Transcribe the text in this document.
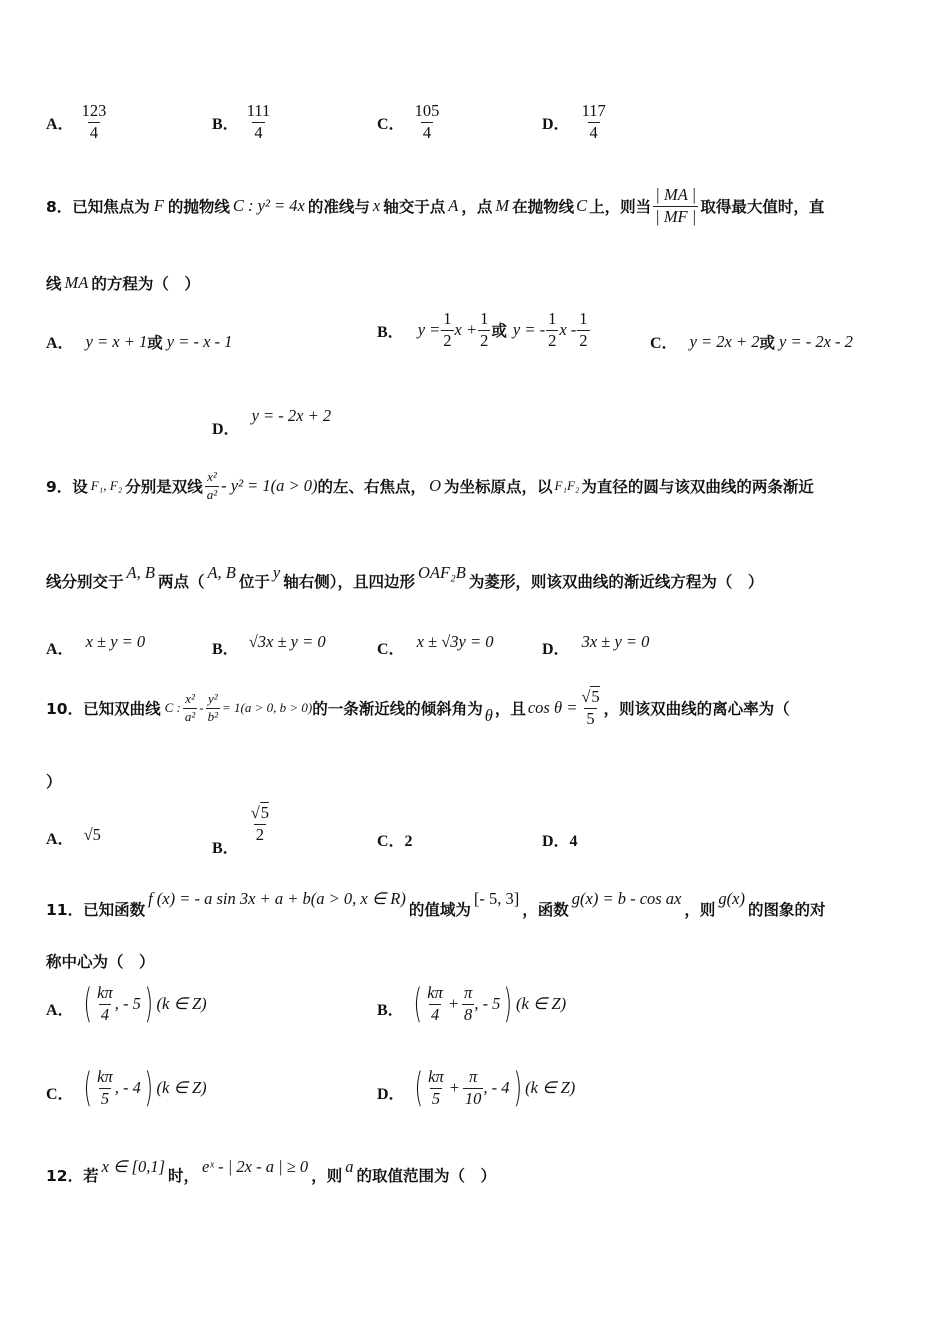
A． $\frac{123}{4}$	B． $\frac{111}{4}$	C． $\frac{105}{4}$	D． $\frac{117}{4}$
8．已知焦点为 F 的抛物线 C : y² = 4x 的准线与 x 轴交于点 A ，点 M 在抛物线 C 上，则当 $\frac{| MA |}{| MF |}$ 取得最大值时，直
线 MA 的方程为（　）
A． y = x + 1 或 y = - x - 1	B． $y = \frac{1}{2}$ $x + \frac{1}{2}$ 或 y = - $\frac{1}{2}$ x - $\frac{1}{2}$	C． y = 2x + 2 或 y = - 2x - 2
D．
y = - 2x + 2
9．设 F₁, F₂ 分别是双线 $\frac{\text{x²}}{\text{a²}} - y^2 = 1(a > 0)$ 的左、右焦点， O 为坐标原点，以 F₁F₂ 为直径的圆与该双曲线的两条渐近
线分别交于 A, B 两点（ A, B 位于 y 轴右侧），且四边形 OAF₂B 为菱形，则该双曲线的渐近线方程为（　）
A． x ± y = 0	B． √3x ± y = 0	C． x ± √3y = 0	D． 3x ± y = 0
10．已知双曲线 C : $\frac{\text{x²}}{\text{a²}} - \frac{\text{y²}}{\text{b²}} = 1(a > 0$, b > 0) 的一条渐近线的倾斜角为 θ ，且 $\cos \theta = \frac{√5}{5}$ ，则该双曲线的离心率为（
）
A． √5
B．
$\frac{√5}{2}$	C．2	D．4
11．已知函数
f (x) = - a sin 3x + a + b(a > 0, x ∈ R)
的值域为
[- 5, 3]
，函数
g(x) = b - cos ax
，则
g(x)
的图象的对
称中心为（　）
A． ( $\frac{k\pi}{4}$ , - 5 ) (k ∈ Z)	B． ( $\frac{k\pi}{4} + \frac{\pi}{8}$ , - 5 ) (k ∈ Z)
C． ( $\frac{k\pi}{5}$ , - 4 ) (k ∈ Z)	D． ( $\frac{k\pi}{5} + \frac{\pi}{10}$ , - 4 ) (k ∈ Z)
12．若 x ∈ [0,1] 时， eˣ - | 2x - a | ≥ 0 ，则 a 的取值范围为（　）
